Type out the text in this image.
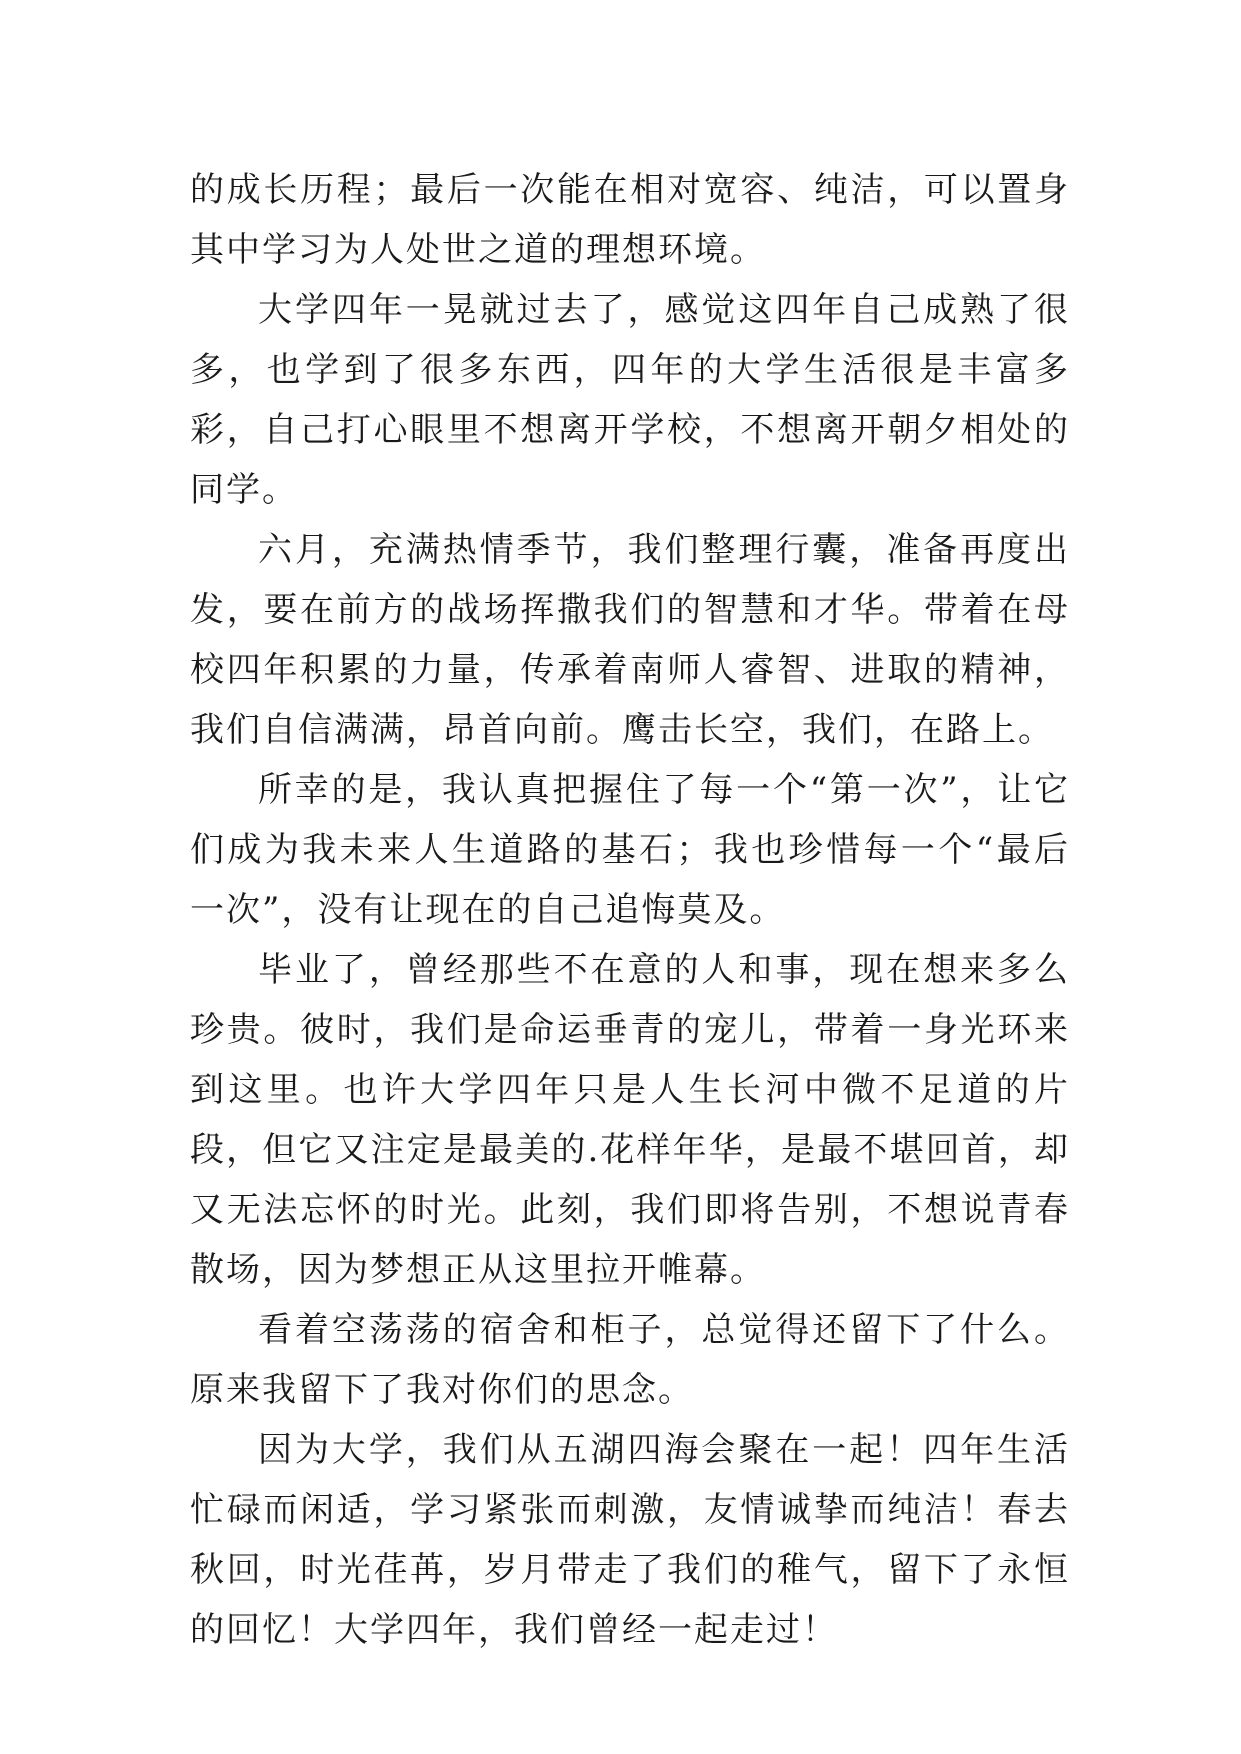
的成长历程；最后一次能在相对宽容、纯洁，可以置身其中学习为人处世之道的理想环境。

大学四年一晃就过去了，感觉这四年自己成熟了很多，也学到了很多东西，四年的大学生活很是丰富多彩，自己打心眼里不想离开学校，不想离开朝夕相处的同学。

六月，充满热情季节，我们整理行囊，准备再度出发，要在前方的战场挥撒我们的智慧和才华。带着在母校四年积累的力量，传承着南师人睿智、进取的精神，我们自信满满，昂首向前。鹰击长空，我们，在路上。

所幸的是，我认真把握住了每一个“第一次”，让它们成为我未来人生道路的基石；我也珍惜每一个“最后一次”，没有让现在的自己追悔莫及。

毕业了，曾经那些不在意的人和事，现在想来多么珍贵。彼时，我们是命运垂青的宠儿，带着一身光环来到这里。也许大学四年只是人生长河中微不足道的片段，但它又注定是最美的.花样年华，是最不堪回首，却又无法忘怀的时光。此刻，我们即将告别，不想说青春散场，因为梦想正从这里拉开帷幕。

看着空荡荡的宿舍和柜子，总觉得还留下了什么。原来我留下了我对你们的思念。

因为大学，我们从五湖四海会聚在一起！四年生活忙碌而闲适，学习紧张而刺激，友情诚挚而纯洁！春去秋回，时光荏苒，岁月带走了我们的稚气，留下了永恒的回忆！大学四年，我们曾经一起走过！
